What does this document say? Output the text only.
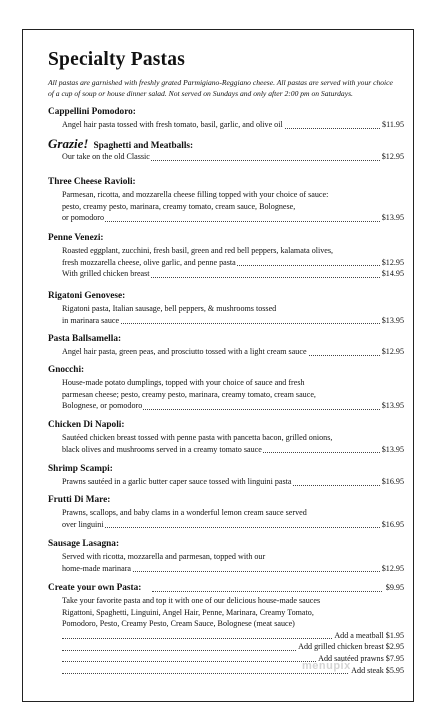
Specialty Pastas
All pastas are garnished with freshly grated Parmigiano-Reggiano cheese. All pastas are served with your choice
of a cup of soup or house dinner salad. Not served on Sundays and only after 2:00 pm on Saturdays.
Cappellini Pomodoro:
Angel hair pasta tossed with fresh tomato, basil, garlic, and olive oil	$11.95
Grazie! Spaghetti and Meatballs:
Our take on the old Classic	$12.95
Three Cheese Ravioli:
Parmesan, ricotta, and mozzarella cheese filling topped with your choice of sauce:
pesto, creamy pesto, marinara, creamy tomato, cream sauce, Bolognese,
or pomodoro	$13.95
Penne Venezi:
Roasted eggplant, zucchini, fresh basil, green and red bell peppers, kalamata olives,
fresh mozzarella cheese, olive garlic, and penne pasta	$12.95
With grilled chicken breast	$14.95
Rigatoni Genovese:
Rigatoni pasta, Italian sausage, bell peppers, & mushrooms tossed
in marinara sauce	$13.95
Pasta Ballsamella:
Angel hair pasta, green peas, and prosciutto tossed with a light cream sauce	$12.95
Gnocchi:
House-made potato dumplings, topped with your choice of sauce and fresh
parmesan cheese; pesto, creamy pesto, marinara, creamy tomato, cream sauce,
Bolognese, or pomodoro	$13.95
Chicken Di Napoli:
Sautéed chicken breast tossed with penne pasta with pancetta bacon, grilled onions,
black olives and mushrooms served in a creamy tomato sauce	$13.95
Shrimp Scampi:
Prawns sautéed in a garlic butter caper sauce tossed with linguini pasta	$16.95
Frutti Di Mare:
Prawns, scallops, and baby clams in a wonderful lemon cream sauce served
over linguini	$16.95
Sausage Lasagna:
Served with ricotta, mozzarella and parmesan, topped with our
home-made marinara	$12.95
Create your own Pasta:	$9.95
Take your favorite pasta and top it with one of our delicious house-made sauces
Rigattoni, Spaghetti, Linguini, Angel Hair, Penne, Marinara, Creamy Tomato,
Pomodoro, Pesto, Creamy Pesto, Cream Sauce, Bolognese (meat sauce)
Add a meatball $1.95
Add grilled chicken breast $2.95
Add sautéed prawns $7.95
Add steak $5.95
menupix
